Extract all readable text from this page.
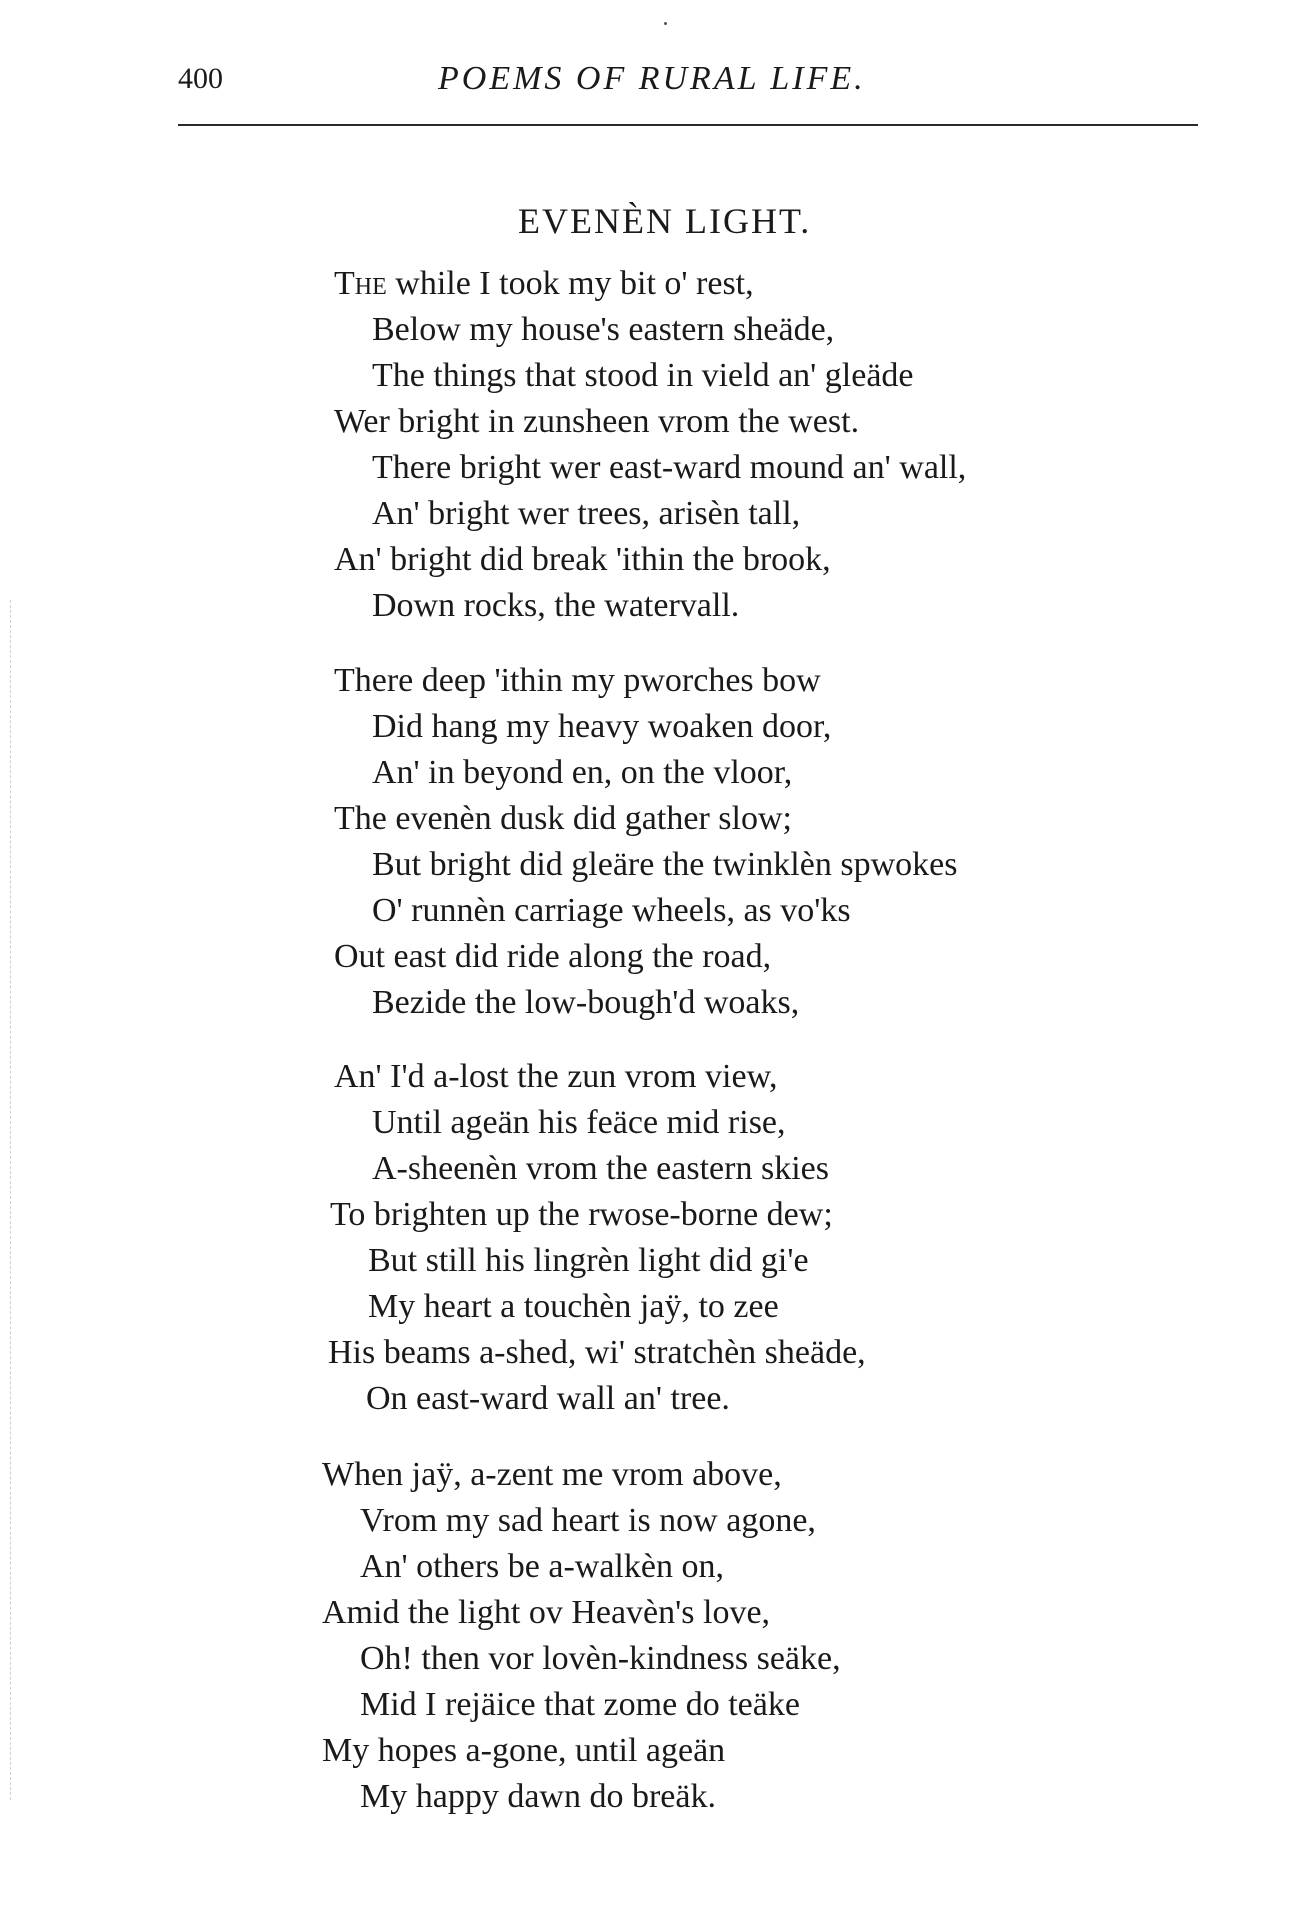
400	POEMS OF RURAL LIFE.
EVENÈN LIGHT.
The while I took my bit o' rest,
Below my house's eastern sheäde,
The things that stood in vield an' gleäde
Wer bright in zunsheen vrom the west.
There bright wer east-ward mound an' wall,
An' bright wer trees, arisèn tall,
An' bright did break 'ithin the brook,
Down rocks, the watervall.
There deep 'ithin my pworches bow
Did hang my heavy woaken door,
An' in beyond en, on the vloor,
The evenèn dusk did gather slow;
But bright did gleäre the twinklèn spwokes
O' runnèn carriage wheels, as vo'ks
Out east did ride along the road,
Bezide the low-bough'd woaks,
An' I'd a-lost the zun vrom view,
Until ageän his feäce mid rise,
A-sheenèn vrom the eastern skies
To brighten up the rwose-borne dew;
But still his lingrèn light did gi'e
My heart a touchèn jaÿ, to zee
His beams a-shed, wi' stratchèn sheäde,
On east-ward wall an' tree.
When jaÿ, a-zent me vrom above,
Vrom my sad heart is now agone,
An' others be a-walkèn on,
Amid the light ov Heavèn's love,
Oh! then vor lovèn-kindness seäke,
Mid I rejäice that zome do teäke
My hopes a-gone, until ageän
My happy dawn do breäk.
